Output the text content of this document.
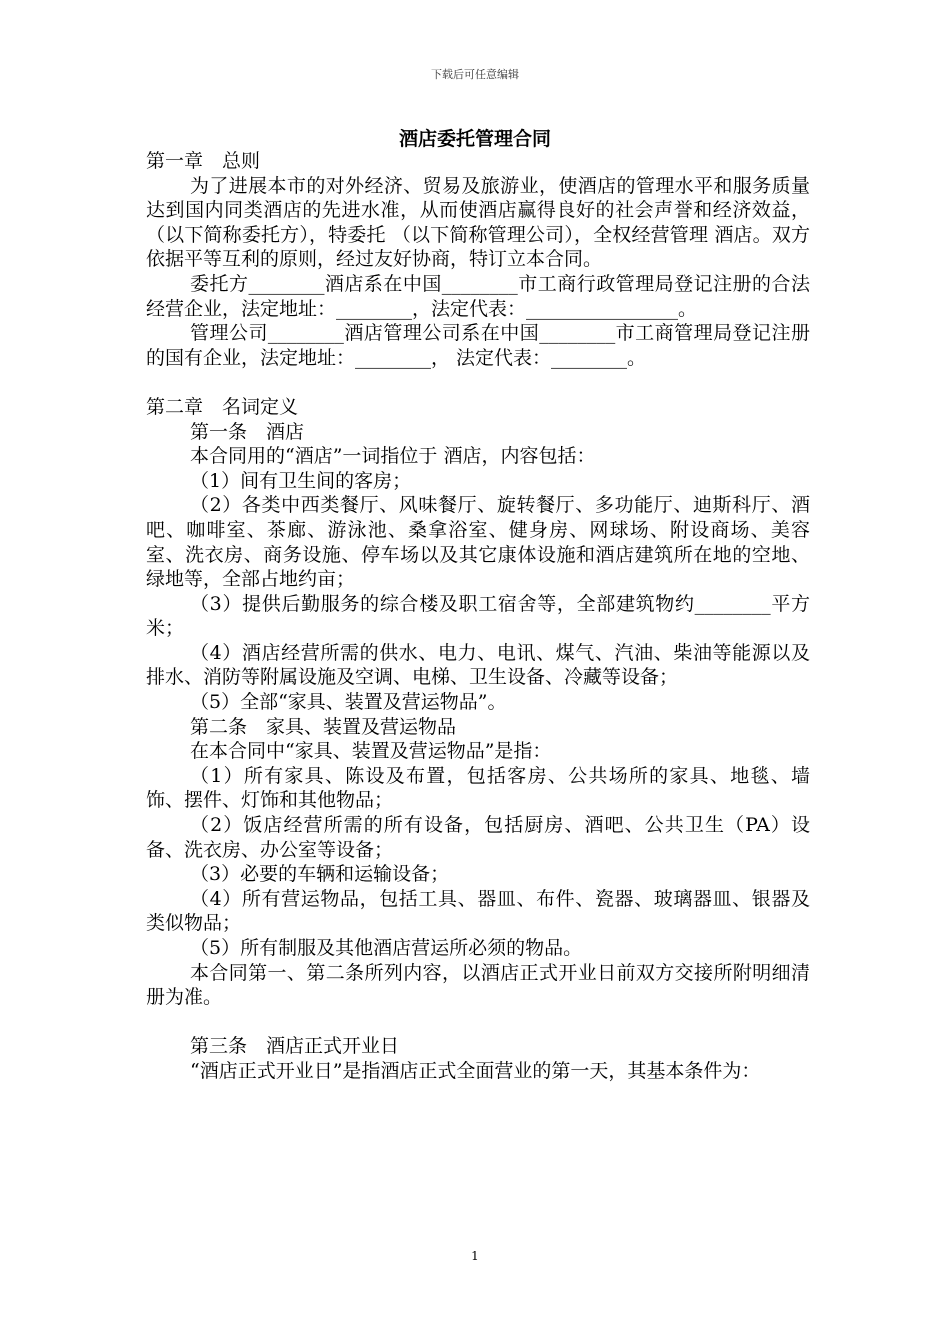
下载后可任意编辑
酒店委托管理合同

第一章　总则

为了进展本市的对外经济、贸易及旅游业，使酒店的管理水平和服务质量达到国内同类酒店的先进水准，从而使酒店赢得良好的社会声誉和经济效益，（以下简称委托方），特委托 （以下简称管理公司），全权经营管理 酒店。双方依据平等互利的原则，经过友好协商，特订立本合同。

委托方________酒店系在中国________市工商行政管理局登记注册的合法经营企业，法定地址：________，法定代表：________________。

管理公司________酒店管理公司系在中国________市工商管理局登记注册的国有企业，法定地址：________， 法定代表：________。

第二章　名词定义

第一条　酒店

本合同用的“酒店”一词指位于 酒店，内容包括：

（1）间有卫生间的客房；

（2）各类中西类餐厅、风味餐厅、旋转餐厅、多功能厅、迪斯科厅、酒吧、咖啡室、茶廊、游泳池、桑拿浴室、健身房、网球场、附设商场、美容室、洗衣房、商务设施、停车场以及其它康体设施和酒店建筑所在地的空地、绿地等，全部占地约亩；

（3）提供后勤服务的综合楼及职工宿舍等，全部建筑物约________平方米；

（4）酒店经营所需的供水、电力、电讯、煤气、汽油、柴油等能源以及排水、消防等附属设施及空调、电梯、卫生设备、冷藏等设备；

（5）全部“家具、装置及营运物品”。

第二条　家具、装置及营运物品

在本合同中“家具、装置及营运物品”是指：

（1）所有家具、陈设及布置，包括客房、公共场所的家具、地毯、墙饰、摆件、灯饰和其他物品；

（2）饭店经营所需的所有设备，包括厨房、酒吧、公共卫生（PA）设备、洗衣房、办公室等设备；

（3）必要的车辆和运输设备；

（4）所有营运物品，包括工具、器皿、布件、瓷器、玻璃器皿、银器及类似物品；

（5）所有制服及其他酒店营运所必须的物品。

本合同第一、第二条所列内容，以酒店正式开业日前双方交接所附明细清册为准。

第三条　酒店正式开业日

“酒店正式开业日”是指酒店正式全面营业的第一天，其基本条件为：

1
